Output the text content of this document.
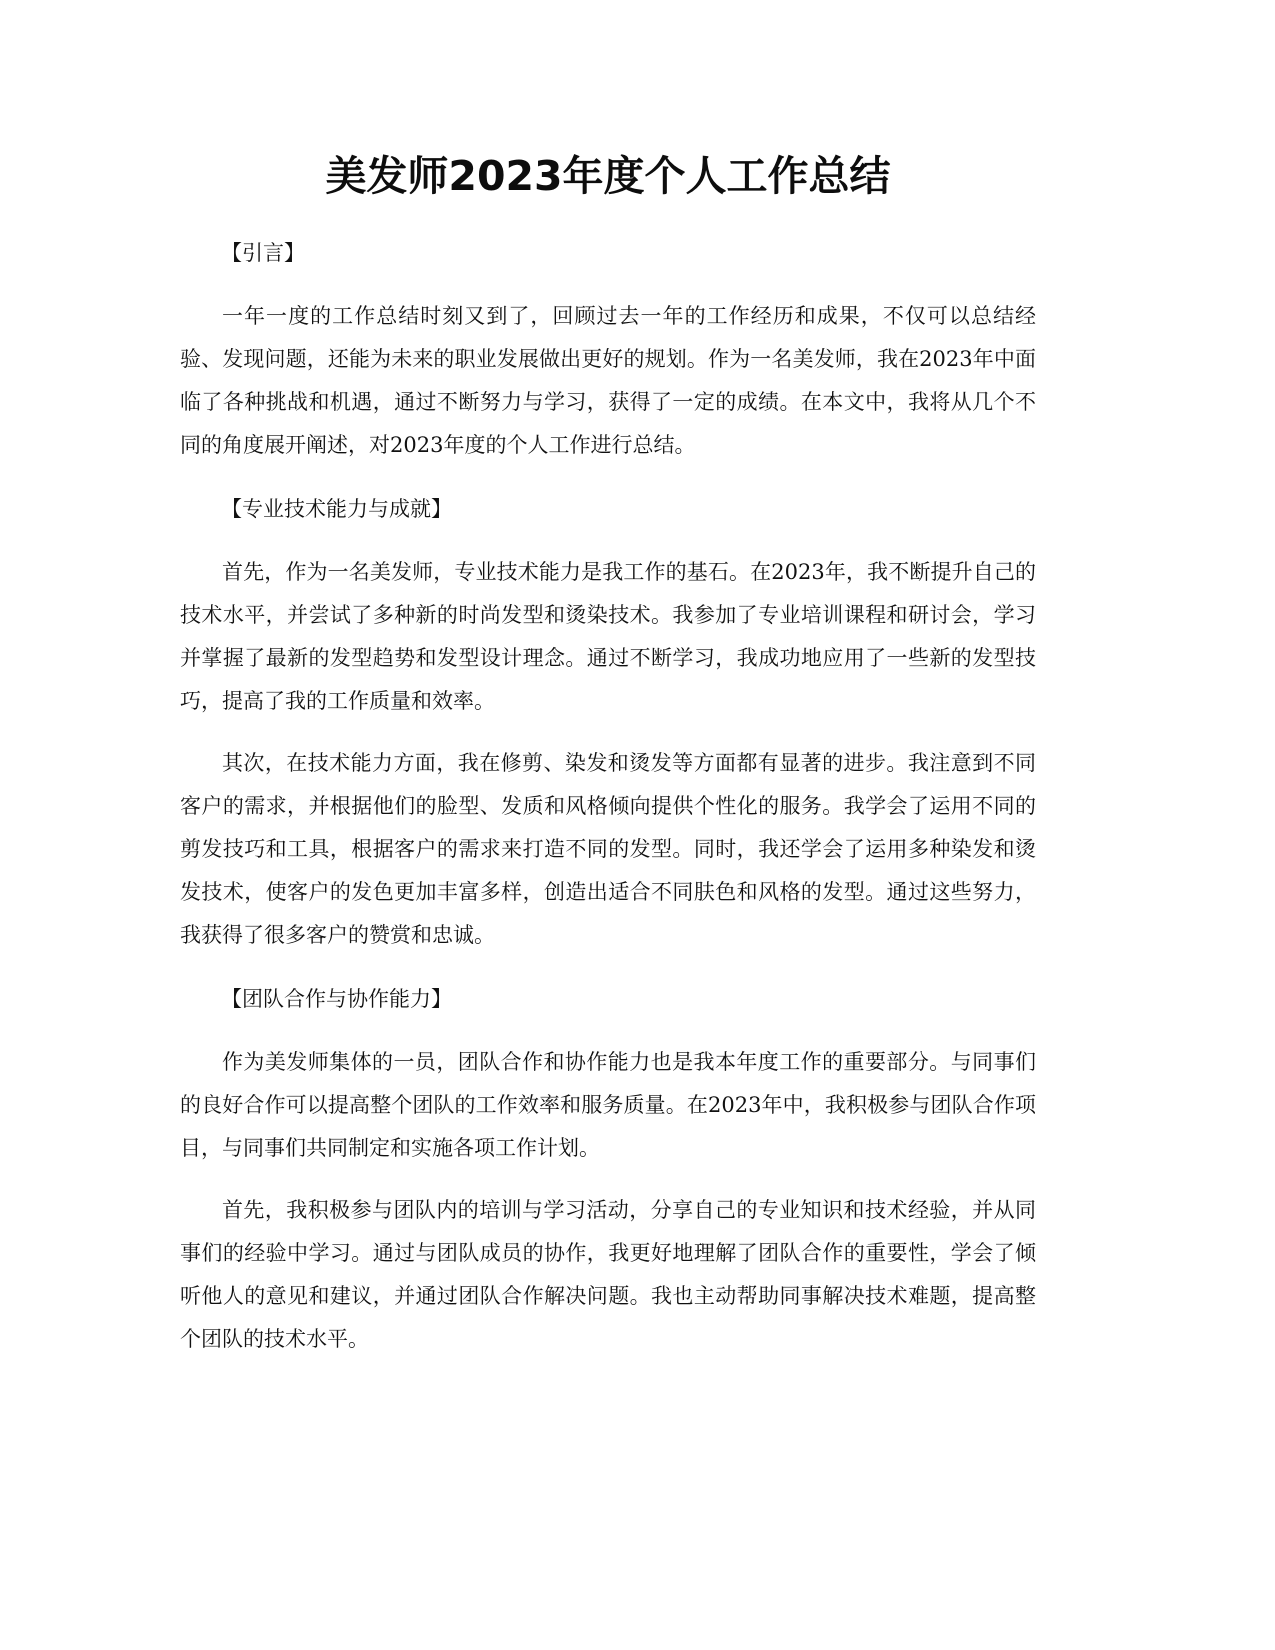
美发师2023年度个人工作总结
【引言】

一年一度的工作总结时刻又到了，回顾过去一年的工作经历和成果，不仅可以总结经验、发现问题，还能为未来的职业发展做出更好的规划。作为一名美发师，我在2023年中面临了各种挑战和机遇，通过不断努力与学习，获得了一定的成绩。在本文中，我将从几个不同的角度展开阐述，对2023年度的个人工作进行总结。

【专业技术能力与成就】

首先，作为一名美发师，专业技术能力是我工作的基石。在2023年，我不断提升自己的技术水平，并尝试了多种新的时尚发型和烫染技术。我参加了专业培训课程和研讨会，学习并掌握了最新的发型趋势和发型设计理念。通过不断学习，我成功地应用了一些新的发型技巧，提高了我的工作质量和效率。

其次，在技术能力方面，我在修剪、染发和烫发等方面都有显著的进步。我注意到不同客户的需求，并根据他们的脸型、发质和风格倾向提供个性化的服务。我学会了运用不同的剪发技巧和工具，根据客户的需求来打造不同的发型。同时，我还学会了运用多种染发和烫发技术，使客户的发色更加丰富多样，创造出适合不同肤色和风格的发型。通过这些努力，我获得了很多客户的赞赏和忠诚。

【团队合作与协作能力】

作为美发师集体的一员，团队合作和协作能力也是我本年度工作的重要部分。与同事们的良好合作可以提高整个团队的工作效率和服务质量。在2023年中，我积极参与团队合作项目，与同事们共同制定和实施各项工作计划。

首先，我积极参与团队内的培训与学习活动，分享自己的专业知识和技术经验，并从同事们的经验中学习。通过与团队成员的协作，我更好地理解了团队合作的重要性，学会了倾听他人的意见和建议，并通过团队合作解决问题。我也主动帮助同事解决技术难题，提高整个团队的技术水平。
